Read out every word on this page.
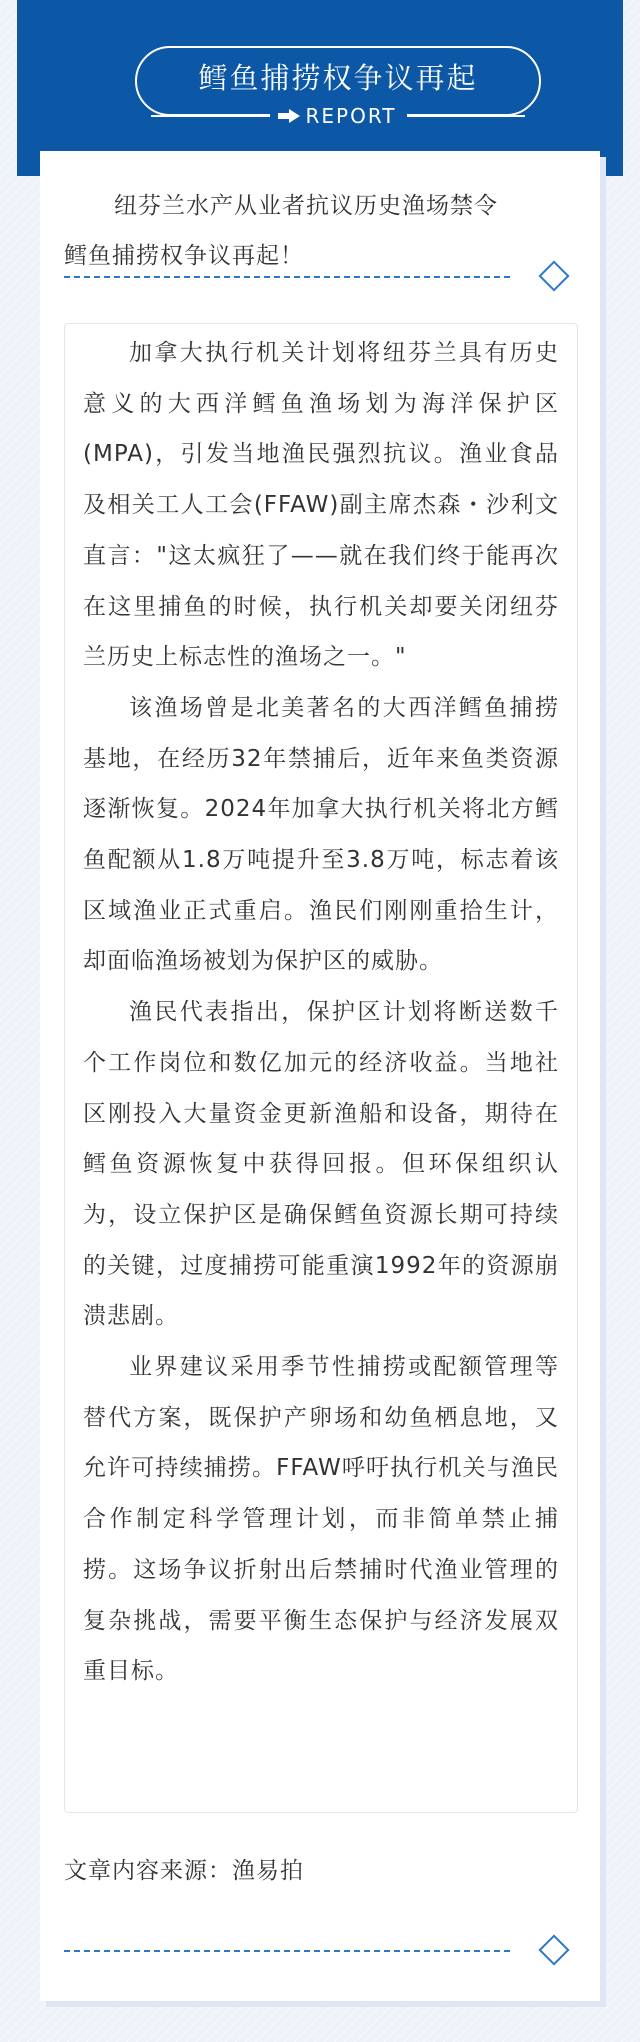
鳕鱼捕捞权争议再起
REPORT
纽芬兰水产从业者抗议历史渔场禁令
鳕鱼捕捞权争议再起！

加拿大执行机关计划将纽芬兰具有历史意义的大西洋鳕鱼渔场划为海洋保护区(MPA)，引发当地渔民强烈抗议。渔业食品及相关工人工会(FFAW)副主席杰森・沙利文直言："这太疯狂了——就在我们终于能再次在这里捕鱼的时候，执行机关却要关闭纽芬兰历史上标志性的渔场之一。"

该渔场曾是北美著名的大西洋鳕鱼捕捞基地，在经历32年禁捕后，近年来鱼类资源逐渐恢复。2024年加拿大执行机关将北方鳕鱼配额从1.8万吨提升至3.8万吨，标志着该区域渔业正式重启。渔民们刚刚重拾生计，却面临渔场被划为保护区的威胁。

渔民代表指出，保护区计划将断送数千个工作岗位和数亿加元的经济收益。当地社区刚投入大量资金更新渔船和设备，期待在鳕鱼资源恢复中获得回报。但环保组织认为，设立保护区是确保鳕鱼资源长期可持续的关键，过度捕捞可能重演1992年的资源崩溃悲剧。

业界建议采用季节性捕捞或配额管理等替代方案，既保护产卵场和幼鱼栖息地，又允许可持续捕捞。FFAW呼吁执行机关与渔民合作制定科学管理计划，而非简单禁止捕捞。这场争议折射出后禁捕时代渔业管理的复杂挑战，需要平衡生态保护与经济发展双重目标。

文章内容来源：渔易拍
